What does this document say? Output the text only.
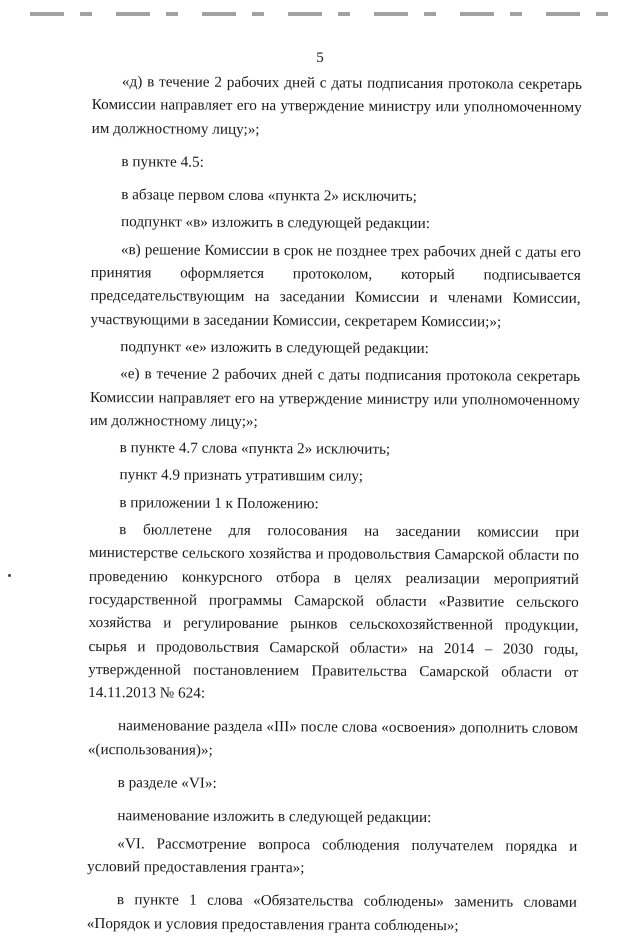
5

«д) в течение 2 рабочих дней с даты подписания протокола секретарь Комиссии направляет его на утверждение министру или уполномоченному им должностному лицу;»;

в пункте 4.5:

в абзаце первом слова «пункта 2» исключить;

подпункт «в» изложить в следующей редакции:

«в) решение Комиссии в срок не позднее трех рабочих дней с даты его принятия оформляется протоколом, который подписывается председательствующим на заседании Комиссии и членами Комиссии, участвующими в заседании Комиссии, секретарем Комиссии;»;

подпункт «е» изложить в следующей редакции:

«е) в течение 2 рабочих дней с даты подписания протокола секретарь Комиссии направляет его на утверждение министру или уполномоченному им должностному лицу;»;

в пункте 4.7 слова «пункта 2» исключить;

пункт 4.9 признать утратившим силу;

в приложении 1 к Положению:

в бюллетене для голосования на заседании комиссии при министерстве сельского хозяйства и продовольствия Самарской области по проведению конкурсного отбора в целях реализации мероприятий государственной программы Самарской области «Развитие сельского хозяйства и регулирование рынков сельскохозяйственной продукции, сырья и продовольствия Самарской области» на 2014 – 2030 годы, утвержденной постановлением Правительства Самарской области от 14.11.2013 № 624:

наименование раздела «III» после слова «освоения» дополнить словом «(использования)»;

в разделе «VI»:

наименование изложить в следующей редакции:

«VI. Рассмотрение вопроса соблюдения получателем порядка и условий предоставления гранта»;

в пункте 1 слова «Обязательства соблюдены» заменить словами «Порядок и условия предоставления гранта соблюдены»;
